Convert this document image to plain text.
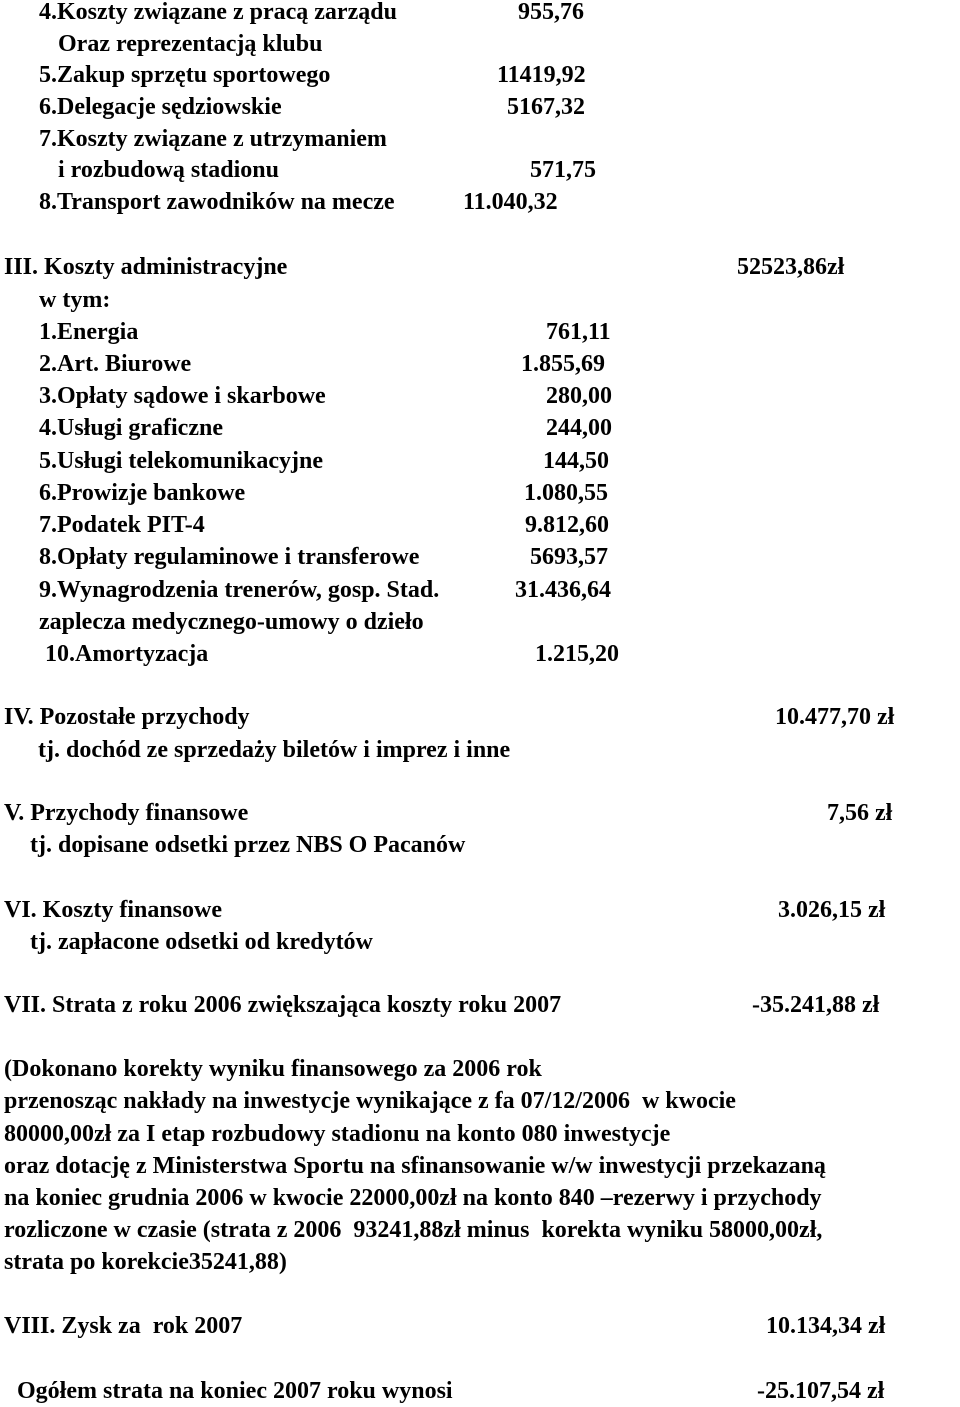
4.Koszty związane z pracą zarządu	955,76
Oraz reprezentacją klubu
5.Zakup sprzętu sportowego	11419,92
6.Delegacje sędziowskie	5167,32
7.Koszty związane z utrzymaniem
i rozbudową stadionu	571,75
8.Transport zawodników na mecze	11.040,32
III. Koszty administracyjne	52523,86zł
w tym:
1.Energia	761,11
2.Art. Biurowe	1.855,69
3.Opłaty sądowe i skarbowe	280,00
4.Usługi graficzne	244,00
5.Usługi telekomunikacyjne	144,50
6.Prowizje bankowe	1.080,55
7.Podatek PIT-4	9.812,60
8.Opłaty regulaminowe i transferowe	5693,57
9.Wynagrodzenia trenerów, gosp. Stad.	31.436,64
zaplecza medycznego-umowy o dzieło
10.Amortyzacja	1.215,20
IV. Pozostałe przychody	10.477,70 zł
tj. dochód ze sprzedaży biletów i imprez i inne
V. Przychody finansowe	7,56 zł
tj. dopisane odsetki przez NBS O Pacanów
VI. Koszty finansowe	3.026,15 zł
tj. zapłacone odsetki od kredytów
VII. Strata z roku 2006 zwiększająca koszty roku 2007	-35.241,88 zł
(Dokonano korekty wyniku finansowego za 2006 rok
przenosząc nakłady na inwestycje wynikające z fa 07/12/2006  w kwocie
80000,00zł za I etap rozbudowy stadionu na konto 080 inwestycje
oraz dotację z Ministerstwa Sportu na sfinansowanie w/w inwestycji przekazaną
na koniec grudnia 2006 w kwocie 22000,00zł na konto 840 –rezerwy i przychody
rozliczone w czasie (strata z 2006  93241,88zł minus  korekta wyniku 58000,00zł,
strata po korekcie35241,88)
VIII. Zysk za  rok 2007	10.134,34 zł
Ogółem strata na koniec 2007 roku wynosi	-25.107,54 zł
